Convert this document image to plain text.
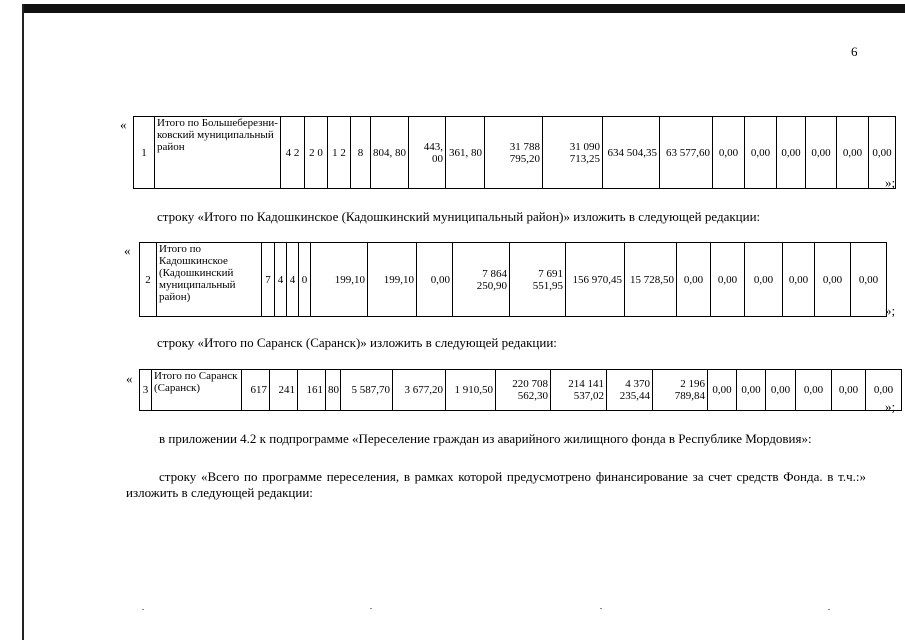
6
«
1	Итого по Большеберезни-ковский муниципальный район	4 2	2 0	1 2	8	804, 80	443, 00	361, 80	31 788 795,20	31 090 713,25	634 504,35	63 577,60	0,00	0,00	0,00	0,00	0,00	0,00
»;
строку «Итого по Кадошкинское (Кадошкинский муниципальный район)» изложить в следующей редакции:
«
2	Итого по Кадошкинское (Кадошкинский муниципальный район)	7	4	4	0	199,10	199,10	0,00	7 864 250,90	7 691 551,95	156 970,45	15 728,50	0,00	0,00	0,00	0,00	0,00	0,00
»;
строку «Итого по Саранск (Саранск)» изложить в следующей редакции:
«
3	Итого по Саранск (Саранск)	617	241	161	80	5 587,70	3 677,20	1 910,50	220 708 562,30	214 141 537,02	4 370 235,44	2 196 789,84	0,00	0,00	0,00	0,00	0,00	0,00
»;
в приложении 4.2 к подпрограмме «Переселение граждан из аварийного жилищного фонда в Республике Мордовия»:
строку «Всего по программе переселения, в рамках которой предусмотрено финансирование за счет средств Фонда. в т.ч.:» изложить в следующей редакции:
